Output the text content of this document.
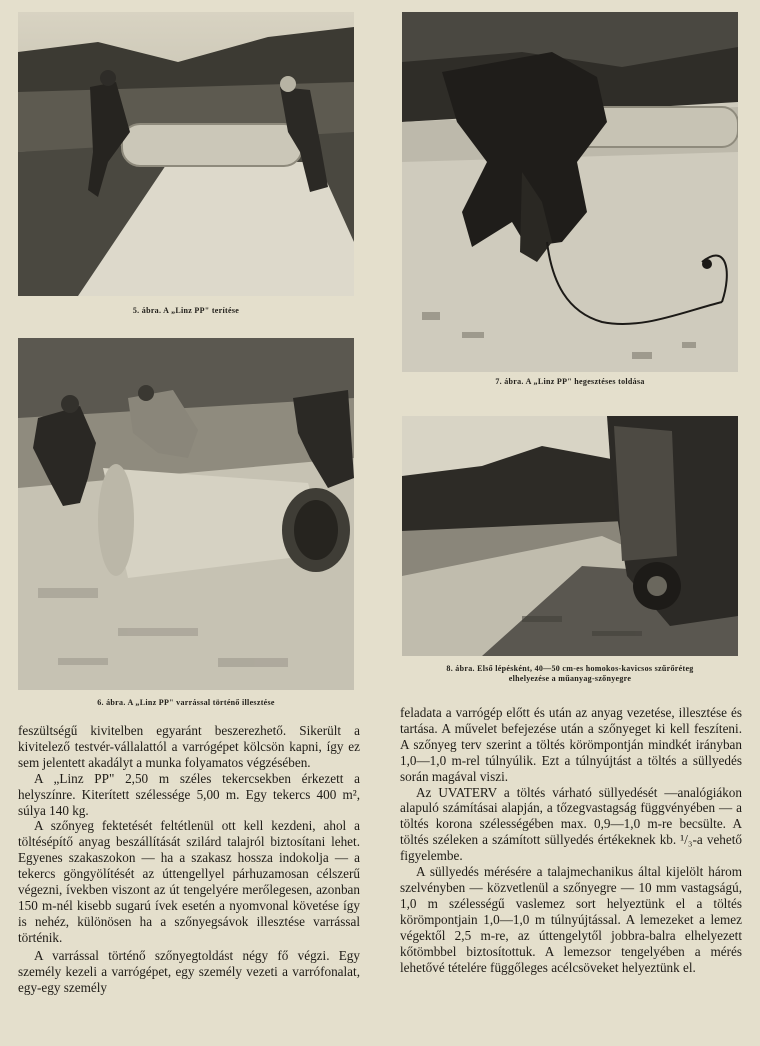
5. ábra. A „Linz PP" terítése
7. ábra. A „Linz PP" hegesztéses toldása
6. ábra. A „Linz PP" varrással történő illesztése
8. ábra. Első lépésként, 40—50 cm-es homokos-kavicsos szűrőréteg
elhelyezése a műanyag-szőnyegre

feszültségű kivitelben egyaránt beszerezhető. Sikerült a kivitelező testvér-vállalattól a varrógépet kölcsön kapni, így ez sem jelentett akadályt a munka folyamatos végzésében.

A „Linz PP" 2,50 m széles tekercsekben érkezett a helyszínre. Kiterített szélessége 5,00 m. Egy tekercs 400 m², súlya 140 kg.

A szőnyeg fektetését feltétlenül ott kell kezdeni, ahol a töltésépítő anyag beszállítását szilárd talajról biztosítani lehet. Egyenes szakaszokon — ha a szakasz hossza indokolja — a tekercs göngyölítését az úttengellyel párhuzamosan célszerű végezni, ívekben viszont az út tengelyére merőlegesen, azonban 150 m-nél kisebb sugarú ívek esetén a nyomvonal követése így is nehéz, különösen ha a szőnyegsávok illesztése varrással történik.

A varrással történő szőnyegtoldást négy fő végzi. Egy személy kezeli a varrógépet, egy személy vezeti a varrófonalat, egy-egy személy

feladata a varrógép előtt és után az anyag vezetése, illesztése és tartása. A művelet befejezése után a szőnyeget ki kell feszíteni. A szőnyeg terv szerint a töltés körömpontján mindkét irányban 1,0—1,0 m-rel túlnyúlik. Ezt a túlnyújtást a töltés a süllyedés során magával viszi.

Az UVATERV a töltés várható süllyedését —analógiákon alapuló számításai alapján, a tőzegvastagság függvényében — a töltés korona szélességében max. 0,9—1,0 m-re becsülte. A töltés széleken a számított süllyedés értékeknek kb. ¹/₃-a vehető figyelembe.

A süllyedés mérésére a talajmechanikus által kijelölt három szelvényben — közvetlenül a szőnyegre — 10 mm vastagságú, 1,0 m szélességű vaslemez sort helyeztünk el a töltés körömpontjain 1,0—1,0 m túlnyújtással. A lemezeket a lemez végektől 2,5 m-re, az úttengelytől jobbra-balra elhelyezett kőtömbbel biztosítottuk. A lemezsor tengelyében a mérés lehetővé tételére függőleges acélcsöveket helyeztünk el.
